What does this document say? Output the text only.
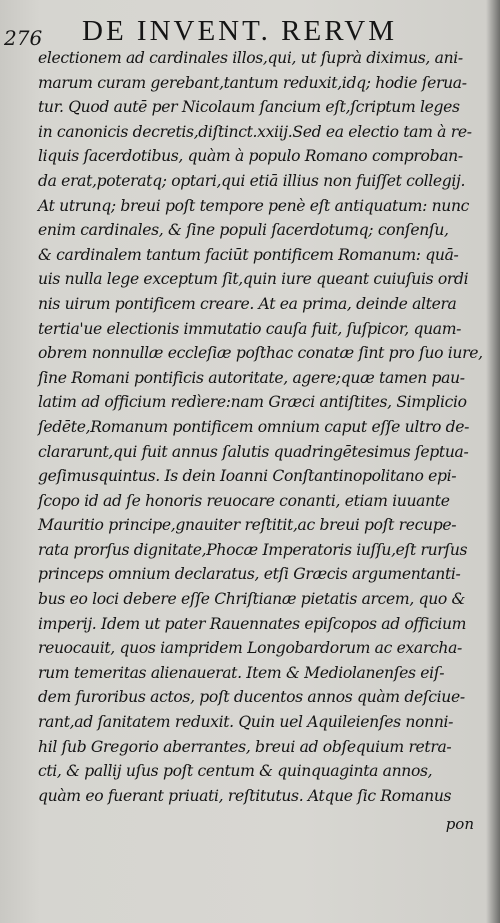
276 DE INVENT. RERVM
electionem ad cardinales illos,qui, ut ſuprà diximus, ani-
marum curam gerebant,tantum reduxit,idq; hodie ſerua-
tur. Quod autē per Nicolaum ſancium eſt,ſcriptum leges
in canonicis decretis,diſtinct.xxiij.Sed ea electio tam à re-
liquis ſacerdotibus, quàm à populo Romano comproban-
da erat,poteratq; optari,qui etiā illius non fuiſſet collegij.
At utrunq; breui poſt tempore penè eſt antiquatum: nunc
enim cardinales, & ſine populi ſacerdotumq; conſenſu,
& cardinalem tantum faciūt pontificem Romanum: quā-
uis nulla lege exceptum ſit,quin iure queant cuiuſuis ordi
nis uirum pontificem creare. At ea prima, deinde altera
tertia'ue electionis immutatio cauſa fuit, ſuſpicor, quam-
obrem nonnullæ eccleſiæ poſthac conatæ ſint pro ſuo iure,
ſine Romani pontificis autoritate, agere;quæ tamen pau-
latim ad officium redìere:nam Græci antiſtites, Simplicio
ſedēte,Romanum pontificem omnium caput eſſe ultro de-
clararunt,qui fuit annus ſalutis quadringētesimus ſeptua-
geſimusquintus. Is dein Ioanni Conſtantinopolitano epi-
ſcopo id ad ſe honoris reuocare conanti, etiam iuuante
Mauritio principe,gnauiter reſtitit,ac breui poſt recupe-
rata prorſus dignitate,Phocæ Imperatoris iuſſu,eſt rurſus
princeps omnium declaratus, etſi Græcis argumentanti-
bus eo loci debere eſſe Chriſtianæ pietatis arcem, quo &
imperij. Idem ut pater Rauennates epiſcopos ad officium
reuocauit, quos iampridem Longobardorum ac exarcha-
rum temeritas alienauerat. Item & Mediolanenſes eiſ-
dem furoribus actos, poſt ducentos annos quàm deſciue-
rant,ad ſanitatem reduxit. Quin uel Aquileienſes nonni-
hil ſub Gregorio aberrantes, breui ad obſequium retra-
cti, & pallij uſus poſt centum & quinquaginta annos,
quàm eo fuerant priuati, reſtitutus. Atque ſic Romanus
pon
